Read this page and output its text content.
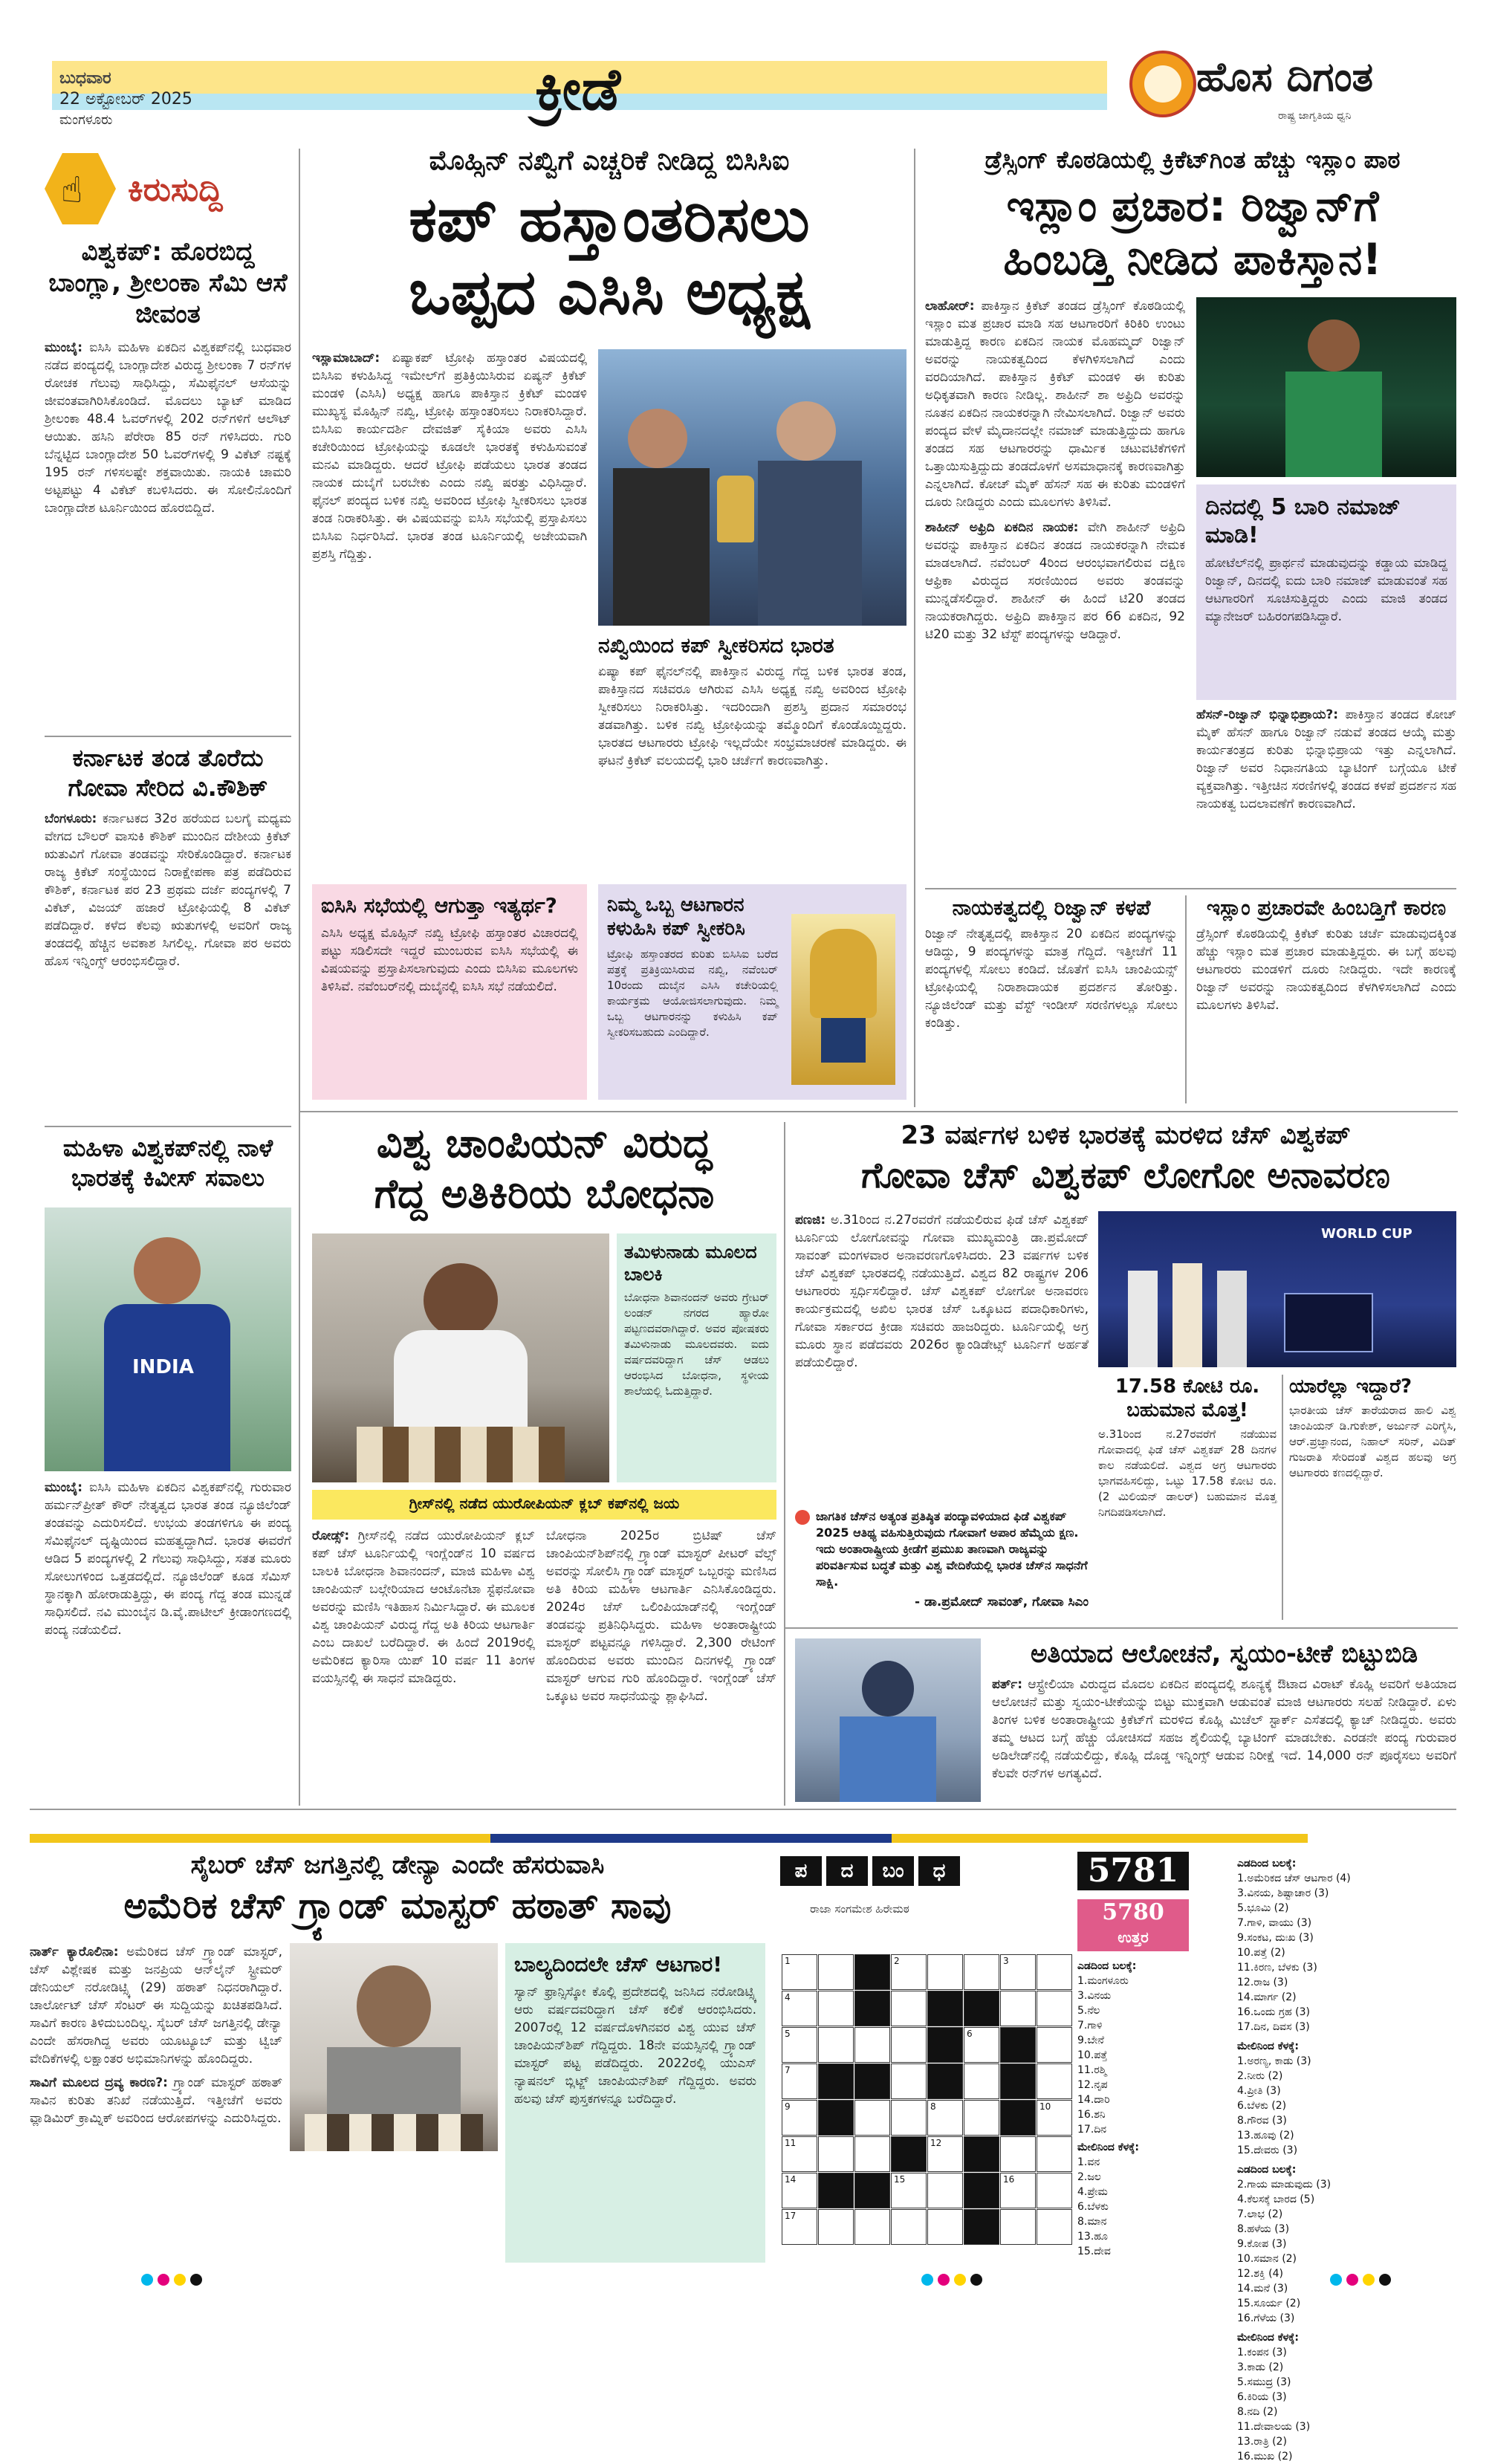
ಬುಧವಾರ
22 ಅಕ್ಟೋಬರ್ 2025
ಮಂಗಳೂರು	ಕ್ರೀಡೆ	ಹೊಸ ದಿಗಂತ
ರಾಷ್ಟ್ರ ಜಾಗೃತಿಯ ಧ್ವನಿ
☝ ಕಿರುಸುದ್ದಿ
ವಿಶ್ವಕಪ್: ಹೊರಬಿದ್ದ ಬಾಂಗ್ಲಾ, ಶ್ರೀಲಂಕಾ ಸೆಮಿ ಆಸೆ ಜೀವಂತ
ಮುಂಬೈ: ಐಸಿಸಿ ಮಹಿಳಾ ಏಕದಿನ ವಿಶ್ವಕಪ್‌ನಲ್ಲಿ ಬುಧವಾರ ನಡೆದ ಪಂದ್ಯದಲ್ಲಿ ಬಾಂಗ್ಲಾದೇಶ ವಿರುದ್ಧ ಶ್ರೀಲಂಕಾ 7 ರನ್‌ಗಳ ರೋಚಕ ಗೆಲುವು ಸಾಧಿಸಿದ್ದು, ಸೆಮಿಫೈನಲ್ ಆಸೆಯನ್ನು ಜೀವಂತವಾಗಿರಿಸಿಕೊಂಡಿದೆ. ಮೊದಲು ಬ್ಯಾಟ್ ಮಾಡಿದ ಶ್ರೀಲಂಕಾ 48.4 ಓವರ್‌ಗಳಲ್ಲಿ 202 ರನ್‌ಗಳಿಗೆ ಆಲೌಟ್ ಆಯಿತು. ಹಸಿನಿ ಪೆರೇರಾ 85 ರನ್ ಗಳಿಸಿದರು. ಗುರಿ ಬೆನ್ನಟ್ಟಿದ ಬಾಂಗ್ಲಾದೇಶ 50 ಓವರ್‌ಗಳಲ್ಲಿ 9 ವಿಕೆಟ್ ನಷ್ಟಕ್ಕೆ 195 ರನ್ ಗಳಿಸಲಷ್ಟೇ ಶಕ್ತವಾಯಿತು. ನಾಯಕಿ ಚಾಮರಿ ಅಟ್ಟಪಟ್ಟು 4 ವಿಕೆಟ್ ಕಬಳಿಸಿದರು. ಈ ಸೋಲಿನೊಂದಿಗೆ ಬಾಂಗ್ಲಾದೇಶ ಟೂರ್ನಿಯಿಂದ ಹೊರಬಿದ್ದಿದೆ.
ಕರ್ನಾಟಕ ತಂಡ ತೊರೆದು ಗೋವಾ ಸೇರಿದ ವಿ.ಕೌಶಿಕ್
ಬೆಂಗಳೂರು: ಕರ್ನಾಟಕದ 32ರ ಹರೆಯದ ಬಲಗೈ ಮಧ್ಯಮ ವೇಗದ ಬೌಲರ್ ವಾಸುಕಿ ಕೌಶಿಕ್ ಮುಂದಿನ ದೇಶೀಯ ಕ್ರಿಕೆಟ್ ಋತುವಿಗೆ ಗೋವಾ ತಂಡವನ್ನು ಸೇರಿಕೊಂಡಿದ್ದಾರೆ. ಕರ್ನಾಟಕ ರಾಜ್ಯ ಕ್ರಿಕೆಟ್ ಸಂಸ್ಥೆಯಿಂದ ನಿರಾಕ್ಷೇಪಣಾ ಪತ್ರ ಪಡೆದಿರುವ ಕೌಶಿಕ್, ಕರ್ನಾಟಕ ಪರ 23 ಪ್ರಥಮ ದರ್ಜೆ ಪಂದ್ಯಗಳಲ್ಲಿ 7 ವಿಕೆಟ್, ವಿಜಯ್ ಹಜಾರೆ ಟ್ರೋಫಿಯಲ್ಲಿ 8 ವಿಕೆಟ್ ಪಡೆದಿದ್ದಾರೆ. ಕಳೆದ ಕೆಲವು ಋತುಗಳಲ್ಲಿ ಅವರಿಗೆ ರಾಜ್ಯ ತಂಡದಲ್ಲಿ ಹೆಚ್ಚಿನ ಅವಕಾಶ ಸಿಗಲಿಲ್ಲ. ಗೋವಾ ಪರ ಅವರು ಹೊಸ ಇನ್ನಿಂಗ್ಸ್ ಆರಂಭಿಸಲಿದ್ದಾರೆ.
ಮಹಿಳಾ ವಿಶ್ವಕಪ್‌ನಲ್ಲಿ ನಾಳೆ ಭಾರತಕ್ಕೆ ಕಿವೀಸ್ ಸವಾಲು
INDIA
ಮುಂಬೈ: ಐಸಿಸಿ ಮಹಿಳಾ ಏಕದಿನ ವಿಶ್ವಕಪ್‌ನಲ್ಲಿ ಗುರುವಾರ ಹರ್ಮನ್‌ಪ್ರೀತ್ ಕೌರ್ ನೇತೃತ್ವದ ಭಾರತ ತಂಡ ನ್ಯೂಜಿಲೆಂಡ್ ತಂಡವನ್ನು ಎದುರಿಸಲಿದೆ. ಉಭಯ ತಂಡಗಳಿಗೂ ಈ ಪಂದ್ಯ ಸೆಮಿಫೈನಲ್ ದೃಷ್ಟಿಯಿಂದ ಮಹತ್ವದ್ದಾಗಿದೆ. ಭಾರತ ಈವರೆಗೆ ಆಡಿದ 5 ಪಂದ್ಯಗಳಲ್ಲಿ 2 ಗೆಲುವು ಸಾಧಿಸಿದ್ದು, ಸತತ ಮೂರು ಸೋಲುಗಳಿಂದ ಒತ್ತಡದಲ್ಲಿದೆ. ನ್ಯೂಜಿಲೆಂಡ್ ಕೂಡ ಸೆಮಿಸ್ ಸ್ಥಾನಕ್ಕಾಗಿ ಹೋರಾಡುತ್ತಿದ್ದು, ಈ ಪಂದ್ಯ ಗೆದ್ದ ತಂಡ ಮುನ್ನಡೆ ಸಾಧಿಸಲಿದೆ. ನವಿ ಮುಂಬೈನ ಡಿ.ವೈ.ಪಾಟೀಲ್ ಕ್ರೀಡಾಂಗಣದಲ್ಲಿ ಪಂದ್ಯ ನಡೆಯಲಿದೆ.
ಮೊಹ್ಸಿನ್ ನಖ್ವಿಗೆ ಎಚ್ಚರಿಕೆ ನೀಡಿದ್ದ ಬಿಸಿಸಿಐ
ಕಪ್ ಹಸ್ತಾಂತರಿಸಲು
ಒಪ್ಪದ ಎಸಿಸಿ ಅಧ್ಯಕ್ಷ
ಇಸ್ಲಾಮಾಬಾದ್: ಏಷ್ಯಾಕಪ್ ಟ್ರೋಫಿ ಹಸ್ತಾಂತರ ವಿಷಯದಲ್ಲಿ ಬಿಸಿಸಿಐ ಕಳುಹಿಸಿದ್ದ ಇಮೇಲ್‌ಗೆ ಪ್ರತಿಕ್ರಿಯಿಸಿರುವ ಏಷ್ಯನ್ ಕ್ರಿಕೆಟ್ ಮಂಡಳಿ (ಎಸಿಸಿ) ಅಧ್ಯಕ್ಷ ಹಾಗೂ ಪಾಕಿಸ್ತಾನ ಕ್ರಿಕೆಟ್ ಮಂಡಳಿ ಮುಖ್ಯಸ್ಥ ಮೊಹ್ಸಿನ್ ನಖ್ವಿ, ಟ್ರೋಫಿ ಹಸ್ತಾಂತರಿಸಲು ನಿರಾಕರಿಸಿದ್ದಾರೆ. ಬಿಸಿಸಿಐ ಕಾರ್ಯದರ್ಶಿ ದೇವಜಿತ್ ಸೈಕಿಯಾ ಅವರು ಎಸಿಸಿ ಕಚೇರಿಯಿಂದ ಟ್ರೋಫಿಯನ್ನು ಕೂಡಲೇ ಭಾರತಕ್ಕೆ ಕಳುಹಿಸುವಂತೆ ಮನವಿ ಮಾಡಿದ್ದರು. ಆದರೆ ಟ್ರೋಫಿ ಪಡೆಯಲು ಭಾರತ ತಂಡದ ನಾಯಕ ದುಬೈಗೆ ಬರಬೇಕು ಎಂದು ನಖ್ವಿ ಷರತ್ತು ವಿಧಿಸಿದ್ದಾರೆ. ಫೈನಲ್ ಪಂದ್ಯದ ಬಳಿಕ ನಖ್ವಿ ಅವರಿಂದ ಟ್ರೋಫಿ ಸ್ವೀಕರಿಸಲು ಭಾರತ ತಂಡ ನಿರಾಕರಿಸಿತ್ತು. ಈ ವಿಷಯವನ್ನು ಐಸಿಸಿ ಸಭೆಯಲ್ಲಿ ಪ್ರಸ್ತಾಪಿಸಲು ಬಿಸಿಸಿಐ ನಿರ್ಧರಿಸಿದೆ. ಭಾರತ ತಂಡ ಟೂರ್ನಿಯಲ್ಲಿ ಅಜೇಯವಾಗಿ ಪ್ರಶಸ್ತಿ ಗೆದ್ದಿತ್ತು.
ನಖ್ವಿಯಿಂದ ಕಪ್ ಸ್ವೀಕರಿಸದ ಭಾರತ
ಏಷ್ಯಾ ಕಪ್ ಫೈನಲ್‌ನಲ್ಲಿ ಪಾಕಿಸ್ತಾನ ವಿರುದ್ಧ ಗೆದ್ದ ಬಳಿಕ ಭಾರತ ತಂಡ, ಪಾಕಿಸ್ತಾನದ ಸಚಿವರೂ ಆಗಿರುವ ಎಸಿಸಿ ಅಧ್ಯಕ್ಷ ನಖ್ವಿ ಅವರಿಂದ ಟ್ರೋಫಿ ಸ್ವೀಕರಿಸಲು ನಿರಾಕರಿಸಿತ್ತು. ಇದರಿಂದಾಗಿ ಪ್ರಶಸ್ತಿ ಪ್ರದಾನ ಸಮಾರಂಭ ತಡವಾಗಿತ್ತು. ಬಳಿಕ ನಖ್ವಿ ಟ್ರೋಫಿಯನ್ನು ತಮ್ಮೊಂದಿಗೆ ಕೊಂಡೊಯ್ದಿದ್ದರು. ಭಾರತದ ಆಟಗಾರರು ಟ್ರೋಫಿ ಇಲ್ಲದೆಯೇ ಸಂಭ್ರಮಾಚರಣೆ ಮಾಡಿದ್ದರು. ಈ ಘಟನೆ ಕ್ರಿಕೆಟ್ ವಲಯದಲ್ಲಿ ಭಾರಿ ಚರ್ಚೆಗೆ ಕಾರಣವಾಗಿತ್ತು.
ಐಸಿಸಿ ಸಭೆಯಲ್ಲಿ ಆಗುತ್ತಾ ಇತ್ಯರ್ಥ?
ಎಸಿಸಿ ಅಧ್ಯಕ್ಷ ಮೊಹ್ಸಿನ್ ನಖ್ವಿ ಟ್ರೋಫಿ ಹಸ್ತಾಂತರ ವಿಚಾರದಲ್ಲಿ ಪಟ್ಟು ಸಡಿಲಿಸದೇ ಇದ್ದರೆ ಮುಂಬರುವ ಐಸಿಸಿ ಸಭೆಯಲ್ಲಿ ಈ ವಿಷಯವನ್ನು ಪ್ರಸ್ತಾಪಿಸಲಾಗುವುದು ಎಂದು ಬಿಸಿಸಿಐ ಮೂಲಗಳು ತಿಳಿಸಿವೆ. ನವೆಂಬರ್‌ನಲ್ಲಿ ದುಬೈನಲ್ಲಿ ಐಸಿಸಿ ಸಭೆ ನಡೆಯಲಿದೆ.
ನಿಮ್ಮ ಒಬ್ಬ ಆಟಗಾರನ ಕಳುಹಿಸಿ ಕಪ್ ಸ್ವೀಕರಿಸಿ
ಟ್ರೋಫಿ ಹಸ್ತಾಂತರದ ಕುರಿತು ಬಿಸಿಸಿಐ ಬರೆದ ಪತ್ರಕ್ಕೆ ಪ್ರತಿಕ್ರಿಯಿಸಿರುವ ನಖ್ವಿ, ನವೆಂಬರ್ 10ರಂದು ದುಬೈನ ಎಸಿಸಿ ಕಚೇರಿಯಲ್ಲಿ ಕಾರ್ಯಕ್ರಮ ಆಯೋಜಿಸಲಾಗುವುದು. ನಿಮ್ಮ ಒಬ್ಬ ಆಟಗಾರನನ್ನು ಕಳುಹಿಸಿ ಕಪ್ ಸ್ವೀಕರಿಸಬಹುದು ಎಂದಿದ್ದಾರೆ.
ಡ್ರೆಸ್ಸಿಂಗ್ ಕೊಠಡಿಯಲ್ಲಿ ಕ್ರಿಕೆಟ್‌ಗಿಂತ ಹೆಚ್ಚು ಇಸ್ಲಾಂ ಪಾಠ
ಇಸ್ಲಾಂ ಪ್ರಚಾರ: ರಿಜ್ವಾನ್‌ಗೆ
ಹಿಂಬಡ್ತಿ ನೀಡಿದ ಪಾಕಿಸ್ತಾನ!
ಲಾಹೋರ್: ಪಾಕಿಸ್ತಾನ ಕ್ರಿಕೆಟ್ ತಂಡದ ಡ್ರೆಸ್ಸಿಂಗ್ ಕೊಠಡಿಯಲ್ಲಿ ಇಸ್ಲಾಂ ಮತ ಪ್ರಚಾರ ಮಾಡಿ ಸಹ ಆಟಗಾರರಿಗೆ ಕಿರಿಕಿರಿ ಉಂಟು ಮಾಡುತ್ತಿದ್ದ ಕಾರಣ ಏಕದಿನ ನಾಯಕ ಮೊಹಮ್ಮದ್ ರಿಜ್ವಾನ್ ಅವರನ್ನು ನಾಯಕತ್ವದಿಂದ ಕೆಳಗಿಳಿಸಲಾಗಿದೆ ಎಂದು ವರದಿಯಾಗಿದೆ. ಪಾಕಿಸ್ತಾನ ಕ್ರಿಕೆಟ್ ಮಂಡಳಿ ಈ ಕುರಿತು ಅಧಿಕೃತವಾಗಿ ಕಾರಣ ನೀಡಿಲ್ಲ. ಶಾಹೀನ್ ಶಾ ಅಫ್ರಿದಿ ಅವರನ್ನು ನೂತನ ಏಕದಿನ ನಾಯಕರನ್ನಾಗಿ ನೇಮಿಸಲಾಗಿದೆ. ರಿಜ್ವಾನ್ ಅವರು ಪಂದ್ಯದ ವೇಳೆ ಮೈದಾನದಲ್ಲೇ ನಮಾಜ್ ಮಾಡುತ್ತಿದ್ದುದು ಹಾಗೂ ತಂಡದ ಸಹ ಆಟಗಾರರನ್ನು ಧಾರ್ಮಿಕ ಚಟುವಟಿಕೆಗಳಿಗೆ ಒತ್ತಾಯಿಸುತ್ತಿದ್ದುದು ತಂಡದೊಳಗೆ ಅಸಮಾಧಾನಕ್ಕೆ ಕಾರಣವಾಗಿತ್ತು ಎನ್ನಲಾಗಿದೆ. ಕೋಚ್ ಮೈಕ್ ಹೆಸನ್ ಸಹ ಈ ಕುರಿತು ಮಂಡಳಿಗೆ ದೂರು ನೀಡಿದ್ದರು ಎಂದು ಮೂಲಗಳು ತಿಳಿಸಿವೆ.
ಶಾಹೀನ್ ಅಫ್ರಿದಿ ಏಕದಿನ ನಾಯಕ: ವೇಗಿ ಶಾಹೀನ್ ಅಫ್ರಿದಿ ಅವರನ್ನು ಪಾಕಿಸ್ತಾನ ಏಕದಿನ ತಂಡದ ನಾಯಕರನ್ನಾಗಿ ನೇಮಕ ಮಾಡಲಾಗಿದೆ. ನವೆಂಬರ್ 4ರಿಂದ ಆರಂಭವಾಗಲಿರುವ ದಕ್ಷಿಣ ಆಫ್ರಿಕಾ ವಿರುದ್ಧದ ಸರಣಿಯಿಂದ ಅವರು ತಂಡವನ್ನು ಮುನ್ನಡೆಸಲಿದ್ದಾರೆ. ಶಾಹೀನ್ ಈ ಹಿಂದೆ ಟಿ20 ತಂಡದ ನಾಯಕರಾಗಿದ್ದರು. ಅಫ್ರಿದಿ ಪಾಕಿಸ್ತಾನ ಪರ 66 ಏಕದಿನ, 92 ಟಿ20 ಮತ್ತು 32 ಟೆಸ್ಟ್ ಪಂದ್ಯಗಳನ್ನು ಆಡಿದ್ದಾರೆ.
ದಿನದಲ್ಲಿ 5 ಬಾರಿ ನಮಾಜ್ ಮಾಡಿ!
ಹೋಟೆಲ್‌ನಲ್ಲಿ ಪ್ರಾರ್ಥನೆ ಮಾಡುವುದನ್ನು ಕಡ್ಡಾಯ ಮಾಡಿದ್ದ ರಿಜ್ವಾನ್, ದಿನದಲ್ಲಿ ಐದು ಬಾರಿ ನಮಾಜ್ ಮಾಡುವಂತೆ ಸಹ ಆಟಗಾರರಿಗೆ ಸೂಚಿಸುತ್ತಿದ್ದರು ಎಂದು ಮಾಜಿ ತಂಡದ ಮ್ಯಾನೇಜರ್ ಬಹಿರಂಗಪಡಿಸಿದ್ದಾರೆ.
ಹೆಸನ್-ರಿಜ್ವಾನ್ ಭಿನ್ನಾಭಿಪ್ರಾಯ?: ಪಾಕಿಸ್ತಾನ ತಂಡದ ಕೋಚ್ ಮೈಕ್ ಹೆಸನ್ ಹಾಗೂ ರಿಜ್ವಾನ್ ನಡುವೆ ತಂಡದ ಆಯ್ಕೆ ಮತ್ತು ಕಾರ್ಯತಂತ್ರದ ಕುರಿತು ಭಿನ್ನಾಭಿಪ್ರಾಯ ಇತ್ತು ಎನ್ನಲಾಗಿದೆ. ರಿಜ್ವಾನ್ ಅವರ ನಿಧಾನಗತಿಯ ಬ್ಯಾಟಿಂಗ್ ಬಗ್ಗೆಯೂ ಟೀಕೆ ವ್ಯಕ್ತವಾಗಿತ್ತು. ಇತ್ತೀಚಿನ ಸರಣಿಗಳಲ್ಲಿ ತಂಡದ ಕಳಪೆ ಪ್ರದರ್ಶನ ಸಹ ನಾಯಕತ್ವ ಬದಲಾವಣೆಗೆ ಕಾರಣವಾಗಿದೆ.
ನಾಯಕತ್ವದಲ್ಲಿ ರಿಜ್ವಾನ್ ಕಳಪೆ
ರಿಜ್ವಾನ್ ನೇತೃತ್ವದಲ್ಲಿ ಪಾಕಿಸ್ತಾನ 20 ಏಕದಿನ ಪಂದ್ಯಗಳನ್ನು ಆಡಿದ್ದು, 9 ಪಂದ್ಯಗಳನ್ನು ಮಾತ್ರ ಗೆದ್ದಿದೆ. ಇತ್ತೀಚೆಗೆ 11 ಪಂದ್ಯಗಳಲ್ಲಿ ಸೋಲು ಕಂಡಿದೆ. ಜೊತೆಗೆ ಐಸಿಸಿ ಚಾಂಪಿಯನ್ಸ್ ಟ್ರೋಫಿಯಲ್ಲಿ ನಿರಾಶಾದಾಯಕ ಪ್ರದರ್ಶನ ತೋರಿತ್ತು. ನ್ಯೂಜಿಲೆಂಡ್ ಮತ್ತು ವೆಸ್ಟ್ ಇಂಡೀಸ್ ಸರಣಿಗಳಲ್ಲೂ ಸೋಲು ಕಂಡಿತ್ತು.
ಇಸ್ಲಾಂ ಪ್ರಚಾರವೇ ಹಿಂಬಡ್ತಿಗೆ ಕಾರಣ
ಡ್ರೆಸ್ಸಿಂಗ್ ಕೊಠಡಿಯಲ್ಲಿ ಕ್ರಿಕೆಟ್ ಕುರಿತು ಚರ್ಚೆ ಮಾಡುವುದಕ್ಕಿಂತ ಹೆಚ್ಚು ಇಸ್ಲಾಂ ಮತ ಪ್ರಚಾರ ಮಾಡುತ್ತಿದ್ದರು. ಈ ಬಗ್ಗೆ ಹಲವು ಆಟಗಾರರು ಮಂಡಳಿಗೆ ದೂರು ನೀಡಿದ್ದರು. ಇದೇ ಕಾರಣಕ್ಕೆ ರಿಜ್ವಾನ್ ಅವರನ್ನು ನಾಯಕತ್ವದಿಂದ ಕೆಳಗಿಳಿಸಲಾಗಿದೆ ಎಂದು ಮೂಲಗಳು ತಿಳಿಸಿವೆ.
ವಿಶ್ವ ಚಾಂಪಿಯನ್ ವಿರುದ್ಧ
ಗೆದ್ದ ಅತಿಕಿರಿಯ ಬೋಧನಾ
ತಮಿಳುನಾಡು ಮೂಲದ ಬಾಲಕಿ
ಬೋಧನಾ ಶಿವಾನಂದನ್ ಅವರು ಗ್ರೇಟರ್ ಲಂಡನ್ ನಗರದ ಹ್ಯಾರೋ ಪಟ್ಟಣದವರಾಗಿದ್ದಾರೆ. ಅವರ ಪೋಷಕರು ತಮಿಳುನಾಡು ಮೂಲದವರು. ಐದು ವರ್ಷದವರಿದ್ದಾಗ ಚೆಸ್ ಆಡಲು ಆರಂಭಿಸಿದ ಬೋಧನಾ, ಸ್ಥಳೀಯ ಶಾಲೆಯಲ್ಲಿ ಓದುತ್ತಿದ್ದಾರೆ.
ಗ್ರೀಸ್‌ನಲ್ಲಿ ನಡೆದ ಯುರೋಪಿಯನ್ ಕ್ಲಬ್ ಕಪ್‌ನಲ್ಲಿ ಜಯ
ರೋಡ್ಸ್: ಗ್ರೀಸ್‌ನಲ್ಲಿ ನಡೆದ ಯುರೋಪಿಯನ್ ಕ್ಲಬ್ ಕಪ್ ಚೆಸ್ ಟೂರ್ನಿಯಲ್ಲಿ ಇಂಗ್ಲೆಂಡ್‌ನ 10 ವರ್ಷದ ಬಾಲಕಿ ಬೋಧನಾ ಶಿವಾನಂದನ್, ಮಾಜಿ ಮಹಿಳಾ ವಿಶ್ವ ಚಾಂಪಿಯನ್ ಬಲ್ಗೇರಿಯಾದ ಆಂಟೊನೆಟಾ ಸ್ಟೆಫನೋವಾ ಅವರನ್ನು ಮಣಿಸಿ ಇತಿಹಾಸ ನಿರ್ಮಿಸಿದ್ದಾರೆ. ಈ ಮೂಲಕ ವಿಶ್ವ ಚಾಂಪಿಯನ್ ವಿರುದ್ಧ ಗೆದ್ದ ಅತಿ ಕಿರಿಯ ಆಟಗಾರ್ತಿ ಎಂಬ ದಾಖಲೆ ಬರೆದಿದ್ದಾರೆ. ಈ ಹಿಂದೆ 2019ರಲ್ಲಿ ಅಮೆರಿಕದ ಕ್ಯಾರಿಸಾ ಯಿಪ್ 10 ವರ್ಷ 11 ತಿಂಗಳ ವಯಸ್ಸಿನಲ್ಲಿ ಈ ಸಾಧನೆ ಮಾಡಿದ್ದರು.
ಬೋಧನಾ 2025ರ ಬ್ರಿಟಿಷ್ ಚೆಸ್ ಚಾಂಪಿಯನ್‌ಶಿಪ್‌ನಲ್ಲಿ ಗ್ರ್ಯಾಂಡ್ ಮಾಸ್ಟರ್ ಪೀಟರ್ ವೆಲ್ಸ್ ಅವರನ್ನು ಸೋಲಿಸಿ ಗ್ರ್ಯಾಂಡ್ ಮಾಸ್ಟರ್ ಒಬ್ಬರನ್ನು ಮಣಿಸಿದ ಅತಿ ಕಿರಿಯ ಮಹಿಳಾ ಆಟಗಾರ್ತಿ ಎನಿಸಿಕೊಂಡಿದ್ದರು. 2024ರ ಚೆಸ್ ಒಲಿಂಪಿಯಾಡ್‌ನಲ್ಲಿ ಇಂಗ್ಲೆಂಡ್ ತಂಡವನ್ನು ಪ್ರತಿನಿಧಿಸಿದ್ದರು. ಮಹಿಳಾ ಅಂತಾರಾಷ್ಟ್ರೀಯ ಮಾಸ್ಟರ್ ಪಟ್ಟವನ್ನೂ ಗಳಿಸಿದ್ದಾರೆ. 2,300 ರೇಟಿಂಗ್ ಹೊಂದಿರುವ ಅವರು ಮುಂದಿನ ದಿನಗಳಲ್ಲಿ ಗ್ರ್ಯಾಂಡ್ ಮಾಸ್ಟರ್ ಆಗುವ ಗುರಿ ಹೊಂದಿದ್ದಾರೆ. ಇಂಗ್ಲೆಂಡ್ ಚೆಸ್ ಒಕ್ಕೂಟ ಅವರ ಸಾಧನೆಯನ್ನು ಶ್ಲಾಘಿಸಿದೆ.
23 ವರ್ಷಗಳ ಬಳಿಕ ಭಾರತಕ್ಕೆ ಮರಳಿದ ಚೆಸ್ ವಿಶ್ವಕಪ್
ಗೋವಾ ಚೆಸ್ ವಿಶ್ವಕಪ್ ಲೋಗೋ ಅನಾವರಣ
ಪಣಜಿ: ಅ.31ರಿಂದ ನ.27ರವರೆಗೆ ನಡೆಯಲಿರುವ ಫಿಡೆ ಚೆಸ್ ವಿಶ್ವಕಪ್ ಟೂರ್ನಿಯ ಲೋಗೋವನ್ನು ಗೋವಾ ಮುಖ್ಯಮಂತ್ರಿ ಡಾ.ಪ್ರಮೋದ್ ಸಾವಂತ್ ಮಂಗಳವಾರ ಅನಾವರಣಗೊಳಿಸಿದರು. 23 ವರ್ಷಗಳ ಬಳಿಕ ಚೆಸ್ ವಿಶ್ವಕಪ್ ಭಾರತದಲ್ಲಿ ನಡೆಯುತ್ತಿದೆ. ವಿಶ್ವದ 82 ರಾಷ್ಟ್ರಗಳ 206 ಆಟಗಾರರು ಸ್ಪರ್ಧಿಸಲಿದ್ದಾರೆ. ಚೆಸ್ ವಿಶ್ವಕಪ್ ಲೋಗೋ ಅನಾವರಣ ಕಾರ್ಯಕ್ರಮದಲ್ಲಿ ಅಖಿಲ ಭಾರತ ಚೆಸ್ ಒಕ್ಕೂಟದ ಪದಾಧಿಕಾರಿಗಳು, ಗೋವಾ ಸರ್ಕಾರದ ಕ್ರೀಡಾ ಸಚಿವರು ಹಾಜರಿದ್ದರು. ಟೂರ್ನಿಯಲ್ಲಿ ಅಗ್ರ ಮೂರು ಸ್ಥಾನ ಪಡೆದವರು 2026ರ ಕ್ಯಾಂಡಿಡೇಟ್ಸ್ ಟೂರ್ನಿಗೆ ಅರ್ಹತೆ ಪಡೆಯಲಿದ್ದಾರೆ.
WORLD CUP
17.58 ಕೋಟಿ ರೂ. ಬಹುಮಾನ ಮೊತ್ತ!
ಅ.31ರಿಂದ ನ.27ರವರೆಗೆ ನಡೆಯುವ ಗೋವಾದಲ್ಲಿ ಫಿಡೆ ಚೆಸ್ ವಿಶ್ವಕಪ್ 28 ದಿನಗಳ ಕಾಲ ನಡೆಯಲಿದೆ. ವಿಶ್ವದ ಅಗ್ರ ಆಟಗಾರರು ಭಾಗವಹಿಸಲಿದ್ದು, ಒಟ್ಟು 17.58 ಕೋಟಿ ರೂ. (2 ಮಿಲಿಯನ್ ಡಾಲರ್) ಬಹುಮಾನ ಮೊತ್ತ ನಿಗದಿಪಡಿಸಲಾಗಿದೆ.
ಯಾರೆಲ್ಲಾ ಇದ್ದಾರೆ?
ಭಾರತೀಯ ಚೆಸ್ ತಾರೆಯರಾದ ಹಾಲಿ ವಿಶ್ವ ಚಾಂಪಿಯನ್ ಡಿ.ಗುಕೇಶ್, ಅರ್ಜುನ್ ಎರಿಗೈಸಿ, ಆರ್.ಪ್ರಜ್ಞಾನಂದ, ನಿಹಾಲ್ ಸರಿನ್, ವಿದಿತ್ ಗುಜರಾತಿ ಸೇರಿದಂತೆ ವಿಶ್ವದ ಹಲವು ಅಗ್ರ ಆಟಗಾರರು ಕಣದಲ್ಲಿದ್ದಾರೆ.
ಜಾಗತಿಕ ಚೆಸ್‌ನ ಅತ್ಯಂತ ಪ್ರತಿಷ್ಠಿತ ಪಂದ್ಯಾವಳಿಯಾದ ಫಿಡೆ ವಿಶ್ವಕಪ್ 2025 ಆತಿಥ್ಯ ವಹಿಸುತ್ತಿರುವುದು ಗೋವಾಗೆ ಅಪಾರ ಹೆಮ್ಮೆಯ ಕ್ಷಣ. ಇದು ಅಂತಾರಾಷ್ಟ್ರೀಯ ಕ್ರೀಡೆಗೆ ಪ್ರಮುಖ ತಾಣವಾಗಿ ರಾಜ್ಯವನ್ನು ಪರಿವರ್ತಿಸುವ ಬದ್ಧತೆ ಮತ್ತು ವಿಶ್ವ ವೇದಿಕೆಯಲ್ಲಿ ಭಾರತ ಚೆಸ್‌ನ ಸಾಧನೆಗೆ ಸಾಕ್ಷಿ.
- ಡಾ.ಪ್ರಮೋದ್ ಸಾವಂತ್, ಗೋವಾ ಸಿಎಂ
ಅತಿಯಾದ ಆಲೋಚನೆ, ಸ್ವಯಂ-ಟೀಕೆ ಬಿಟ್ಟುಬಿಡಿ
ಪರ್ತ್: ಆಸ್ಟ್ರೇಲಿಯಾ ವಿರುದ್ಧದ ಮೊದಲ ಏಕದಿನ ಪಂದ್ಯದಲ್ಲಿ ಶೂನ್ಯಕ್ಕೆ ಔಟಾದ ವಿರಾಟ್ ಕೊಹ್ಲಿ ಅವರಿಗೆ ಅತಿಯಾದ ಆಲೋಚನೆ ಮತ್ತು ಸ್ವಯಂ-ಟೀಕೆಯನ್ನು ಬಿಟ್ಟು ಮುಕ್ತವಾಗಿ ಆಡುವಂತೆ ಮಾಜಿ ಆಟಗಾರರು ಸಲಹೆ ನೀಡಿದ್ದಾರೆ. ಏಳು ತಿಂಗಳ ಬಳಿಕ ಅಂತಾರಾಷ್ಟ್ರೀಯ ಕ್ರಿಕೆಟ್‌ಗೆ ಮರಳಿದ ಕೊಹ್ಲಿ ಮಿಚೆಲ್ ಸ್ಟಾರ್ಕ್ ಎಸೆತದಲ್ಲಿ ಕ್ಯಾಚ್ ನೀಡಿದ್ದರು. ಅವರು ತಮ್ಮ ಆಟದ ಬಗ್ಗೆ ಹೆಚ್ಚು ಯೋಚಿಸದೆ ಸಹಜ ಶೈಲಿಯಲ್ಲಿ ಬ್ಯಾಟಿಂಗ್ ಮಾಡಬೇಕು. ಎರಡನೇ ಪಂದ್ಯ ಗುರುವಾರ ಅಡಿಲೇಡ್‌ನಲ್ಲಿ ನಡೆಯಲಿದ್ದು, ಕೊಹ್ಲಿ ದೊಡ್ಡ ಇನ್ನಿಂಗ್ಸ್ ಆಡುವ ನಿರೀಕ್ಷೆ ಇದೆ. 14,000 ರನ್ ಪೂರೈಸಲು ಅವರಿಗೆ ಕೆಲವೇ ರನ್‌ಗಳ ಅಗತ್ಯವಿದೆ.
ಸೈಬರ್ ಚೆಸ್ ಜಗತ್ತಿನಲ್ಲಿ ಡೇನ್ಯಾ ಎಂದೇ ಹೆಸರುವಾಸಿ
ಅಮೆರಿಕ ಚೆಸ್ ಗ್ರ್ಯಾಂಡ್ ಮಾಸ್ಟರ್ ಹಠಾತ್ ಸಾವು
ನಾರ್ತ್ ಕ್ಯಾರೊಲಿನಾ: ಅಮೆರಿಕದ ಚೆಸ್ ಗ್ರ್ಯಾಂಡ್ ಮಾಸ್ಟರ್, ಚೆಸ್ ವಿಶ್ಲೇಷಕ ಮತ್ತು ಜನಪ್ರಿಯ ಆನ್‌ಲೈನ್ ಸ್ಟ್ರೀಮರ್ ಡೇನಿಯಲ್ ನರೋಡಿಟ್ಸ್ಕಿ (29) ಹಠಾತ್ ನಿಧನರಾಗಿದ್ದಾರೆ. ಚಾರ್ಲೋಟ್ ಚೆಸ್ ಸೆಂಟರ್ ಈ ಸುದ್ದಿಯನ್ನು ಖಚಿತಪಡಿಸಿದೆ. ಸಾವಿಗೆ ಕಾರಣ ತಿಳಿದುಬಂದಿಲ್ಲ. ಸೈಬರ್ ಚೆಸ್ ಜಗತ್ತಿನಲ್ಲಿ ಡೇನ್ಯಾ ಎಂದೇ ಹೆಸರಾಗಿದ್ದ ಅವರು ಯೂಟ್ಯೂಬ್ ಮತ್ತು ಟ್ವಿಚ್ ವೇದಿಕೆಗಳಲ್ಲಿ ಲಕ್ಷಾಂತರ ಅಭಿಮಾನಿಗಳನ್ನು ಹೊಂದಿದ್ದರು.
ಸಾವಿಗೆ ಮೂಲದ ದ್ರವ್ಯ ಕಾರಣ?: ಗ್ರ್ಯಾಂಡ್ ಮಾಸ್ಟರ್ ಹಠಾತ್ ಸಾವಿನ ಕುರಿತು ತನಿಖೆ ನಡೆಯುತ್ತಿದೆ. ಇತ್ತೀಚೆಗೆ ಅವರು ವ್ಲಾಡಿಮಿರ್ ಕ್ರಾಮ್ನಿಕ್ ಅವರಿಂದ ಆರೋಪಗಳನ್ನು ಎದುರಿಸಿದ್ದರು.
ಬಾಲ್ಯದಿಂದಲೇ ಚೆಸ್ ಆಟಗಾರ!
ಸ್ಯಾನ್ ಫ್ರಾನ್ಸಿಸ್ಕೋ ಕೊಲ್ಲಿ ಪ್ರದೇಶದಲ್ಲಿ ಜನಿಸಿದ ನರೋಡಿಟ್ಸ್ಕಿ ಆರು ವರ್ಷದವರಿದ್ದಾಗ ಚೆಸ್ ಕಲಿಕೆ ಆರಂಭಿಸಿದರು. 2007ರಲ್ಲಿ 12 ವರ್ಷದೊಳಗಿನವರ ವಿಶ್ವ ಯುವ ಚೆಸ್ ಚಾಂಪಿಯನ್‌ಶಿಪ್ ಗೆದ್ದಿದ್ದರು. 18ನೇ ವಯಸ್ಸಿನಲ್ಲಿ ಗ್ರ್ಯಾಂಡ್ ಮಾಸ್ಟರ್ ಪಟ್ಟ ಪಡೆದಿದ್ದರು. 2022ರಲ್ಲಿ ಯುಎಸ್ ನ್ಯಾಷನಲ್ ಬ್ಲಿಟ್ಜ್ ಚಾಂಪಿಯನ್‌ಶಿಪ್ ಗೆದ್ದಿದ್ದರು. ಅವರು ಹಲವು ಚೆಸ್ ಪುಸ್ತಕಗಳನ್ನೂ ಬರೆದಿದ್ದಾರೆ.
ಪ	ದ	ಬಂ	ಧ	5781
ರಾಜಾ ಸಂಗಮೇಶ ಹಿರೇಮಠ	5780
ಉತ್ತರ
1	2	3
4
5	6
7
9	8	10
11	12
14	15	16
17
ಎಡದಿಂದ ಬಲಕ್ಕೆ:
1.ಮಂಗಳೂರು
3.ವಿನಯ
5.ನೆಲ
7.ಗಾಳಿ
9.ಬೇನೆ
10.ಪತ್ತೆ
11.ರಶ್ಮಿ
12.ನೃಪ
14.ದಾರಿ
16.ಶನಿ
17.ದಿನ
ಮೇಲಿನಿಂದ ಕೆಳಕ್ಕೆ:
1.ವನ
2.ಜಲ
4.ಪ್ರೇಮ
6.ಬೆಳಕು
8.ಮಾನ
13.ಹೂ
15.ದೇವ
ಎಡದಿಂದ ಬಲಕ್ಕೆ:
1.ಅಮೆರಿಕದ ಚೆಸ್ ಆಟಗಾರ (4)
3.ವಿನಯ, ಶಿಷ್ಟಾಚಾರ (3)
5.ಭೂಮಿ (2)
7.ಗಾಳಿ, ವಾಯು (3)
9.ಸಂಕಟ, ದುಃಖ (3)
10.ಪತ್ತೆ (2)
11.ಕಿರಣ, ಬೆಳಕು (3)
12.ರಾಜ (3)
14.ಮಾರ್ಗ (2)
16.ಒಂದು ಗ್ರಹ (3)
17.ದಿನ, ದಿವಸ (3)
ಮೇಲಿನಿಂದ ಕೆಳಕ್ಕೆ:
1.ಅರಣ್ಯ, ಕಾಡು (3)
2.ನೀರು (2)
4.ಪ್ರೀತಿ (3)
6.ಬೆಳಕು (2)
8.ಗೌರವ (3)
13.ಹೂವು (2)
15.ದೇವರು (3)
ಎಡದಿಂದ ಬಲಕ್ಕೆ:
2.ಗಾಯ ಮಾಡುವುದು (3)
4.ಕೆಲಸಕ್ಕೆ ಬಾರದ (5)
7.ಲಾಭ (2)
8.ಹಳೆಯ (3)
9.ಕೋಪ (3)
10.ಸಮಾನ (2)
12.ಶಕ್ತಿ (4)
14.ಮನೆ (3)
15.ಸೂರ್ಯ (2)
16.ಗೆಳೆಯ (3)
ಮೇಲಿನಿಂದ ಕೆಳಕ್ಕೆ:
1.ಕಂಪನ (3)
3.ಕಾಡು (2)
5.ಸಮುದ್ರ (3)
6.ಕಿರಿಯ (3)
8.ನದಿ (2)
11.ದೇವಾಲಯ (3)
13.ರಾತ್ರಿ (2)
16.ಮುಖ (2)
